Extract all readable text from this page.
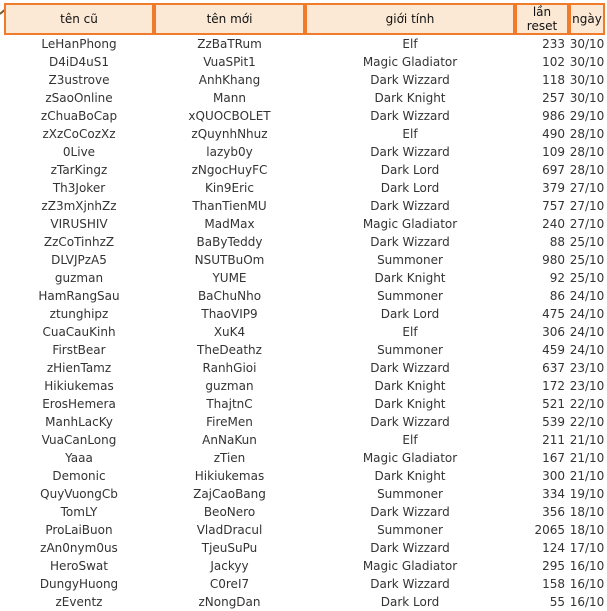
tên cũ	tên mới	giới tính	lần reset	ngày
LeHanPhong	ZzBaTRum	Elf	233	30/10
D4iD4uS1	VuaSPit1	Magic Gladiator	102	30/10
Z3ustrove	AnhKhang	Dark Wizzard	118	30/10
zSaoOnline	Mann	Dark Knight	257	30/10
zChuaBoCap	xQUOCBOLET	Dark Wizzard	986	29/10
zXzCoCozXz	zQuynhNhuz	Elf	490	28/10
0Live	lazyb0y	Dark Wizzard	109	28/10
zTarKingz	zNgocHuyFC	Dark Lord	697	28/10
Th3Joker	Kin9Eric	Dark Lord	379	27/10
zZ3mXjnhZz	ThanTienMU	Dark Wizzard	757	27/10
VIRUSHIV	MadMax	Magic Gladiator	240	27/10
ZzCoTinhzZ	BaByTeddy	Dark Wizzard	88	25/10
DLVJPzA5	NSUTBuOm	Summoner	980	25/10
guzman	YUME	Dark Knight	92	25/10
HamRangSau	BaChuNho	Summoner	86	24/10
ztunghipz	ThaoVIP9	Dark Lord	475	24/10
CuaCauKinh	XuK4	Elf	306	24/10
FirstBear	TheDeathz	Summoner	459	24/10
zHienTamz	RanhGioi	Dark Wizzard	637	23/10
Hikiukemas	guzman	Dark Knight	172	23/10
ErosHemera	ThajtnC	Dark Knight	521	22/10
ManhLacKy	FireMen	Dark Wizzard	539	22/10
VuaCanLong	AnNaKun	Elf	211	21/10
Yaaa	zTien	Magic Gladiator	167	21/10
Demonic	Hikiukemas	Dark Knight	300	21/10
QuyVuongCb	ZajCaoBang	Summoner	334	19/10
TomLY	BeoNero	Dark Wizzard	356	18/10
ProLaiBuon	VladDracul	Summoner	2065	18/10
zAn0nym0us	TjeuSuPu	Dark Wizzard	124	17/10
HeroSwat	Jackyy	Magic Gladiator	295	16/10
DungyHuong	C0reI7	Dark Wizzard	158	16/10
zEventz	zNongDan	Dark Lord	55	16/10
